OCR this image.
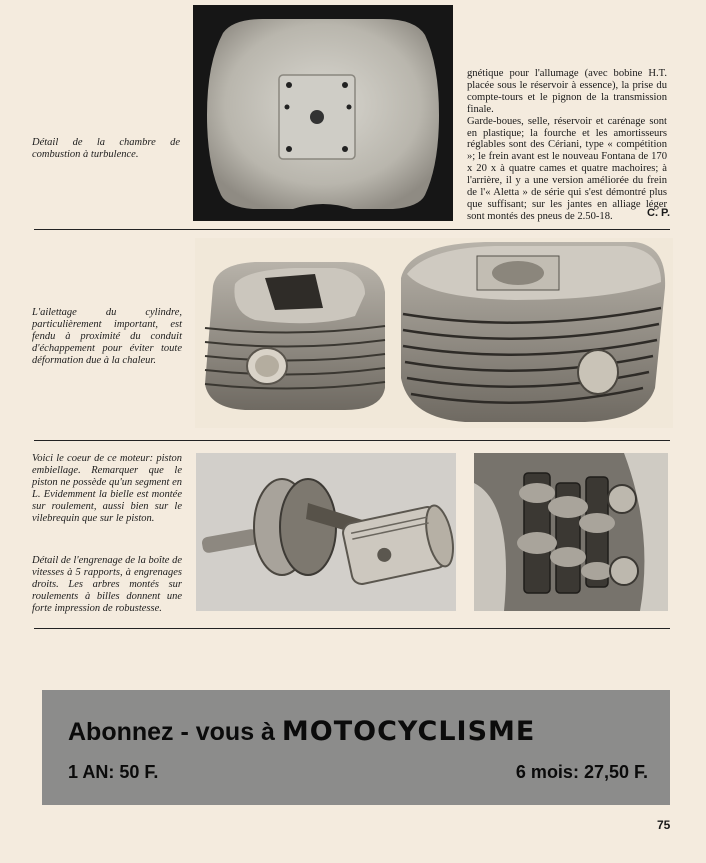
Détail de la chambre de combustion à turbulence.
gnétique pour l'allumage (avec bobine H.T. placée sous le réservoir à essence), la prise du compte-tours et le pignon de la transmission finale.
Garde-boues, selle, réservoir et carénage sont en plastique; la fourche et les amortisseurs réglables sont des Cériani, type « compétition »; le frein avant est le nouveau Fontana de 170 x 20 x à quatre cames et quatre machoires; à l'arrière, il y a une version améliorée du frein de l'« Aletta » de série qui s'est démontré plus que suffisant; sur les jantes en alliage léger sont montés des pneus de 2.50-18.	C. P.
L'ailettage du cylindre, particulièrement important, est fendu à proximité du conduit d'échappement pour éviter toute déformation due à la chaleur.
Voici le coeur de ce moteur: piston embiellage. Remarquer que le piston ne possède qu'un segment en L. Evidemment la bielle est montée sur roulement, aussi bien sur le vilebrequin que sur le piston.
Détail de l'engrenage de la boîte de vitesses à 5 rapports, à engrenages droits. Les arbres montés sur roulements à billes donnent une forte impression de robustesse.
Abonnez - vous à MOTOCYCLISME
1 AN: 50 F.	6 mois: 27,50 F.
75
